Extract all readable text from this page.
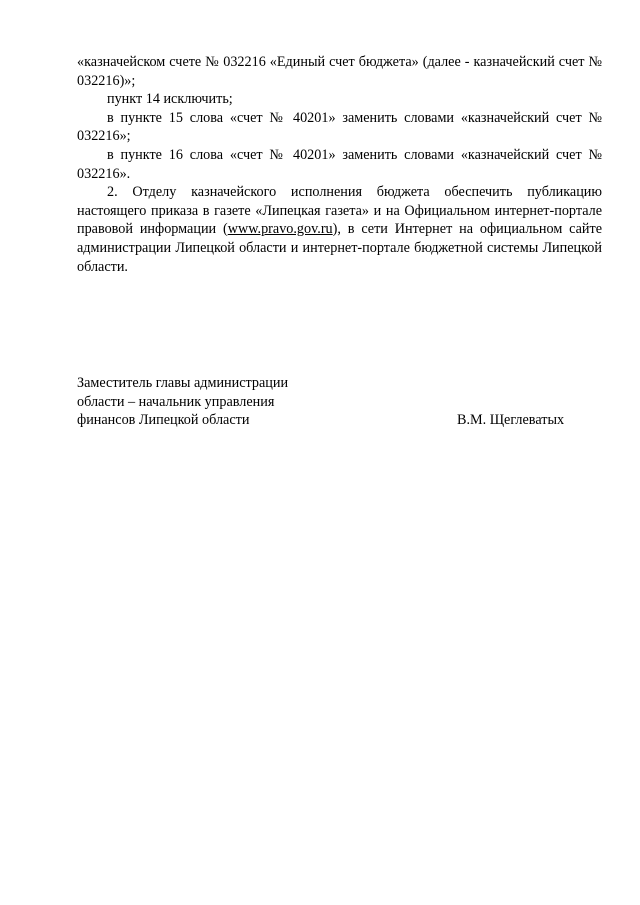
«казначейском счете № 032216 «Единый счет бюджета» (далее - казначейский счет № 032216)»;

пункт 14 исключить;

в пункте 15 слова «счет № 40201» заменить словами «казначейский счет № 032216»;

в пункте 16 слова «счет № 40201» заменить словами «казначейский счет № 032216».

2. Отделу казначейского исполнения бюджета обеспечить публикацию настоящего приказа в газете «Липецкая газета» и на Официальном интернет-портале правовой информации (www.pravo.gov.ru), в сети Интернет на официальном сайте администрации Липецкой области и интернет-портале бюджетной системы Липецкой области.

Заместитель главы администрации
области – начальник управления
финансов Липецкой области	В.М. Щеглеватых
